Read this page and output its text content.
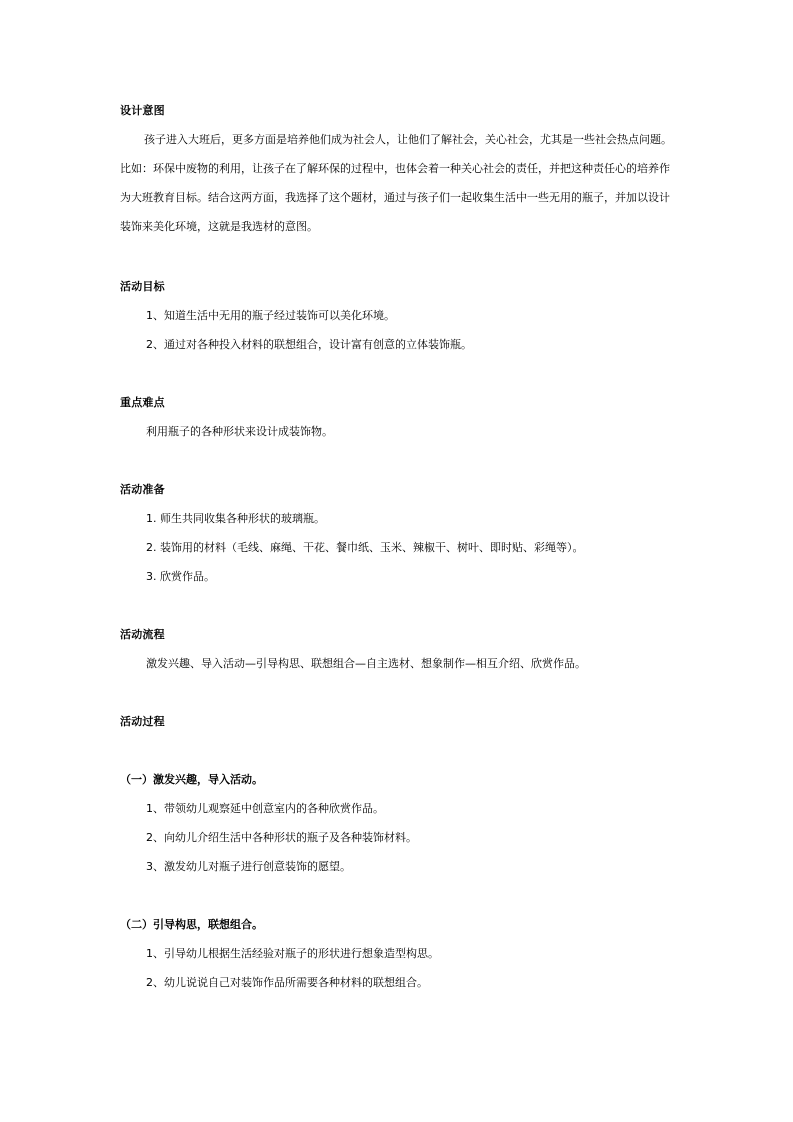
设计意图
孩子进入大班后，更多方面是培养他们成为社会人，让他们了解社会，关心社会，尤其是一些社会热点问题。比如：环保中废物的利用，让孩子在了解环保的过程中，也体会着一种关心社会的责任，并把这种责任心的培养作为大班教育目标。结合这两方面，我选择了这个题材，通过与孩子们一起收集生活中一些无用的瓶子，并加以设计装饰来美化环境，这就是我选材的意图。
活动目标
1、知道生活中无用的瓶子经过装饰可以美化环境。
2、通过对各种投入材料的联想组合，设计富有创意的立体装饰瓶。
重点难点
利用瓶子的各种形状来设计成装饰物。
活动准备
1. 师生共同收集各种形状的玻璃瓶。
2. 装饰用的材料（毛线、麻绳、干花、餐巾纸、玉米、辣椒干、树叶、即时贴、彩绳等）。
3. 欣赏作品。
活动流程
激发兴趣、导入活动—引导构思、联想组合—自主选材、想象制作—相互介绍、欣赏作品。
活动过程
（一）激发兴趣，导入活动。
1、带领幼儿观察延中创意室内的各种欣赏作品。
2、向幼儿介绍生活中各种形状的瓶子及各种装饰材料。
3、激发幼儿对瓶子进行创意装饰的愿望。
（二）引导构思，联想组合。
1、引导幼儿根据生活经验对瓶子的形状进行想象造型构思。
2、幼儿说说自己对装饰作品所需要各种材料的联想组合。
